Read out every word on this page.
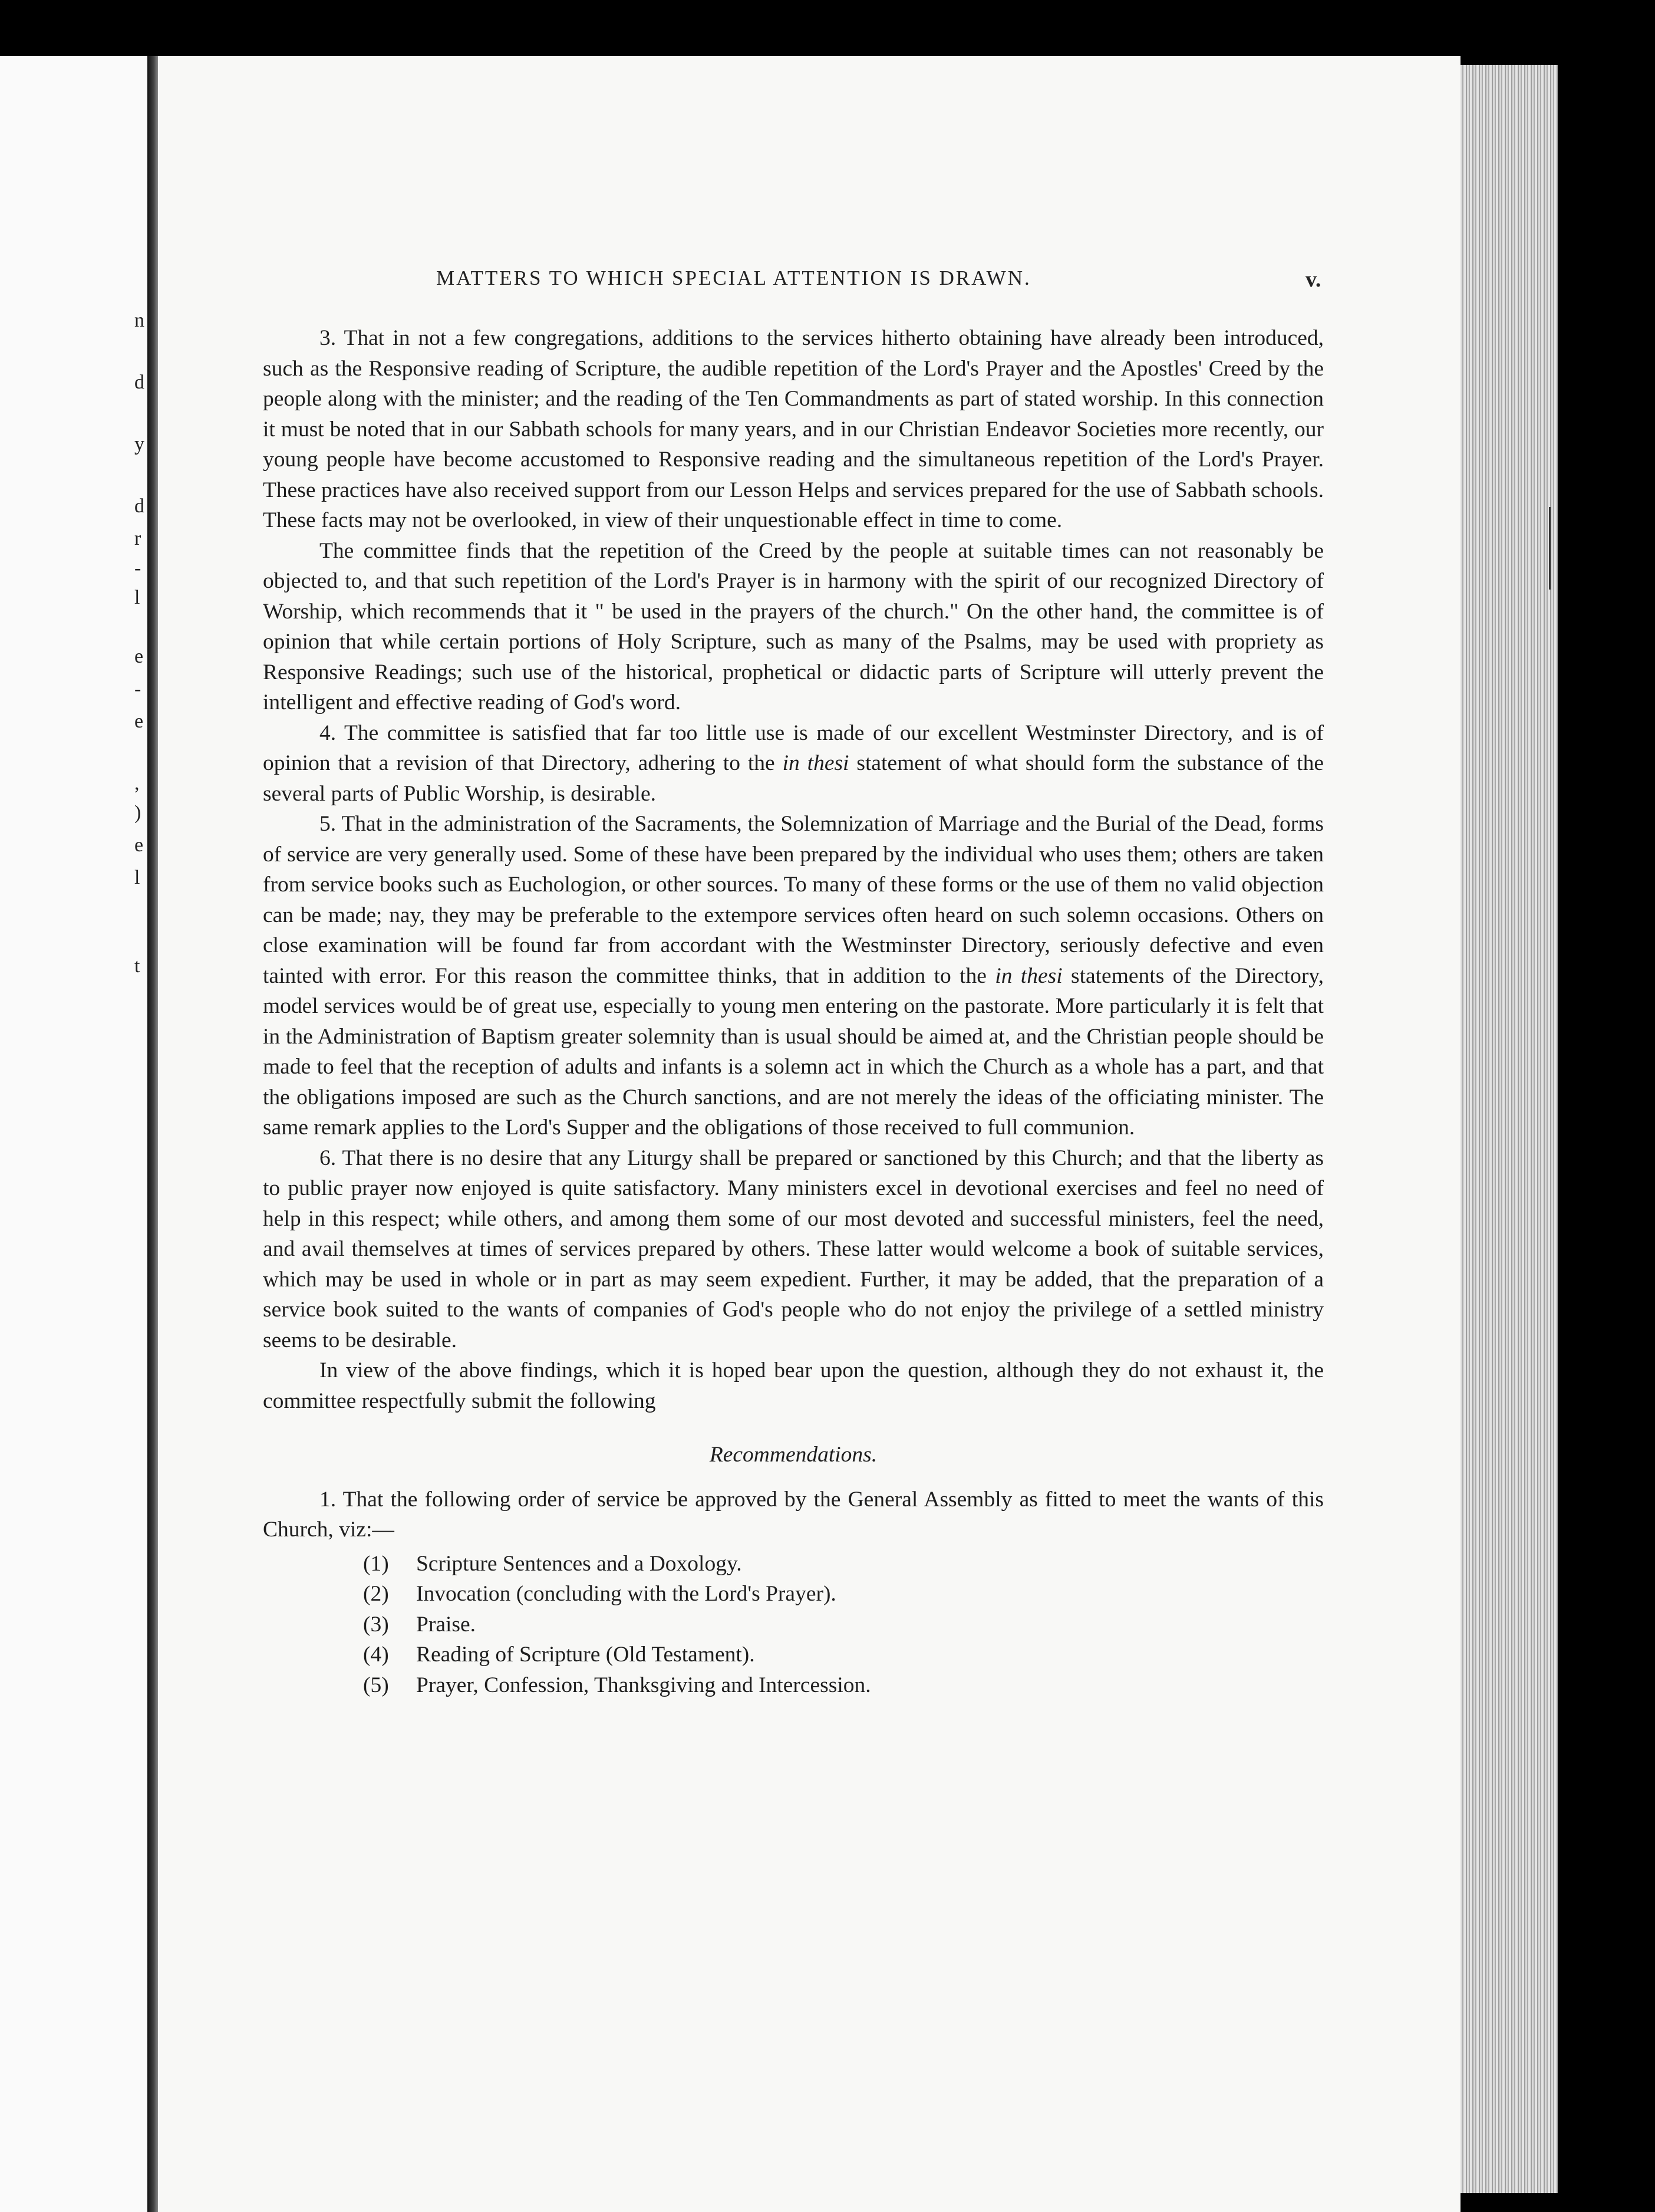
n
d
y
d
r
-
l
e
-
e
,
)
e
l
t
MATTERS TO WHICH SPECIAL ATTENTION IS DRAWN.	v.

3. That in not a few congregations, additions to the services hitherto obtaining have already been introduced, such as the Responsive reading of Scripture, the audible repetition of the Lord's Prayer and the Apostles' Creed by the people along with the minister; and the reading of the Ten Commandments as part of stated worship. In this connection it must be noted that in our Sabbath schools for many years, and in our Christian Endeavor Societies more recently, our young people have become accustomed to Responsive reading and the simultaneous repetition of the Lord's Prayer. These practices have also received support from our Lesson Helps and services prepared for the use of Sabbath schools. These facts may not be overlooked, in view of their unquestionable effect in time to come.

The committee finds that the repetition of the Creed by the people at suitable times can not reasonably be objected to, and that such repetition of the Lord's Prayer is in harmony with the spirit of our recognized Directory of Worship, which recommends that it " be used in the prayers of the church." On the other hand, the committee is of opinion that while certain portions of Holy Scripture, such as many of the Psalms, may be used with propriety as Responsive Readings; such use of the historical, prophetical or didactic parts of Scripture will utterly prevent the intelligent and effective reading of God's word.

4. The committee is satisfied that far too little use is made of our excellent Westminster Directory, and is of opinion that a revision of that Directory, adhering to the in thesi statement of what should form the substance of the several parts of Public Worship, is desirable.

5. That in the administration of the Sacraments, the Solemnization of Marriage and the Burial of the Dead, forms of service are very generally used. Some of these have been prepared by the individual who uses them; others are taken from service books such as Euchologion, or other sources. To many of these forms or the use of them no valid objection can be made; nay, they may be preferable to the extempore services often heard on such solemn occasions. Others on close examination will be found far from accordant with the Westminster Directory, seriously defective and even tainted with error. For this reason the committee thinks, that in addition to the in thesi statements of the Directory, model services would be of great use, especially to young men entering on the pastorate. More particularly it is felt that in the Administration of Baptism greater solemnity than is usual should be aimed at, and the Christian people should be made to feel that the reception of adults and infants is a solemn act in which the Church as a whole has a part, and that the obligations imposed are such as the Church sanctions, and are not merely the ideas of the officiating minister. The same remark applies to the Lord's Supper and the obligations of those received to full communion.

6. That there is no desire that any Liturgy shall be prepared or sanctioned by this Church; and that the liberty as to public prayer now enjoyed is quite satisfactory. Many ministers excel in devotional exercises and feel no need of help in this respect; while others, and among them some of our most devoted and successful ministers, feel the need, and avail themselves at times of services prepared by others. These latter would welcome a book of suitable services, which may be used in whole or in part as may seem expedient. Further, it may be added, that the preparation of a service book suited to the wants of companies of God's people who do not enjoy the privilege of a settled ministry seems to be desirable.

In view of the above findings, which it is hoped bear upon the question, although they do not exhaust it, the committee respectfully submit the following

Recommendations.

1. That the following order of service be approved by the General Assembly as fitted to meet the wants of this Church, viz:—

(1)	Scripture Sentences and a Doxology.
(2)	Invocation (concluding with the Lord's Prayer).
(3)	Praise.
(4)	Reading of Scripture (Old Testament).
(5)	Prayer, Confession, Thanksgiving and Intercession.
